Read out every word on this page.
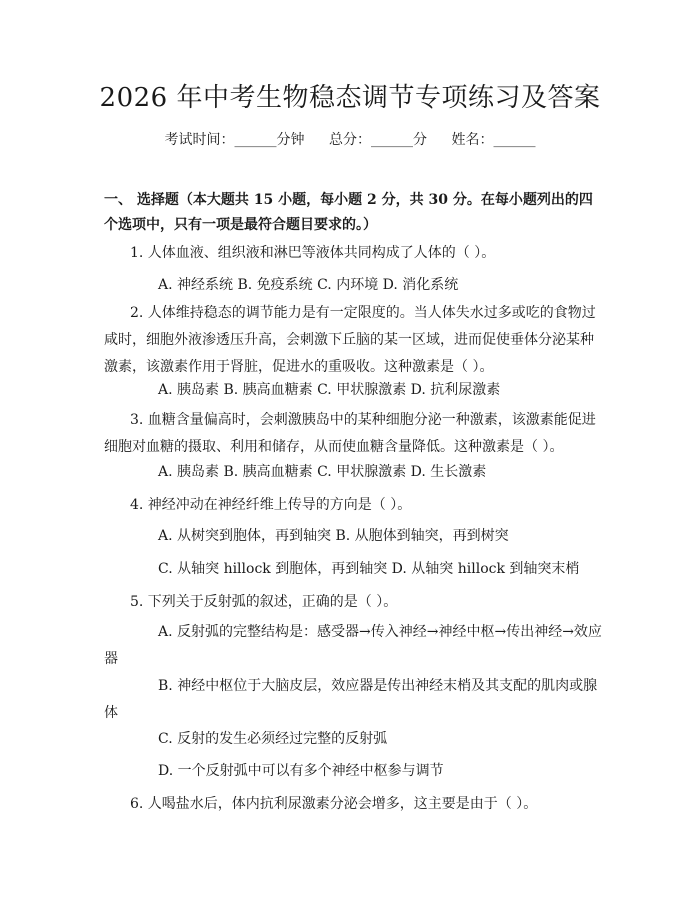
2026 年中考生物稳态调节专项练习及答案
考试时间：______分钟 总分：______分 姓名：______
一、 选择题（本大题共 15 小题，每小题 2 分，共 30 分。在每小题列出的四个选项中，只有一项是最符合题目要求的。）
1. 人体血液、组织液和淋巴等液体共同构成了人体的（ ）。
A. 神经系统 B. 免疫系统 C. 内环境 D. 消化系统
2. 人体维持稳态的调节能力是有一定限度的。当人体失水过多或吃的食物过咸时，细胞外液渗透压升高，会刺激下丘脑的某一区域，进而促使垂体分泌某种激素，该激素作用于肾脏，促进水的重吸收。这种激素是（ ）。
A. 胰岛素 B. 胰高血糖素 C. 甲状腺激素 D. 抗利尿激素
3. 血糖含量偏高时，会刺激胰岛中的某种细胞分泌一种激素，该激素能促进细胞对血糖的摄取、利用和储存，从而使血糖含量降低。这种激素是（ ）。
A. 胰岛素 B. 胰高血糖素 C. 甲状腺激素 D. 生长激素
4. 神经冲动在神经纤维上传导的方向是（ ）。
A. 从树突到胞体，再到轴突 B. 从胞体到轴突，再到树突
C. 从轴突 hillock 到胞体，再到轴突 D. 从轴突 hillock 到轴突末梢
5. 下列关于反射弧的叙述，正确的是（ ）。
A. 反射弧的完整结构是：感受器→传入神经→神经中枢→传出神经→效应器
B. 神经中枢位于大脑皮层，效应器是传出神经末梢及其支配的肌肉或腺体
C. 反射的发生必须经过完整的反射弧
D. 一个反射弧中可以有多个神经中枢参与调节
6. 人喝盐水后，体内抗利尿激素分泌会增多，这主要是由于（ ）。
